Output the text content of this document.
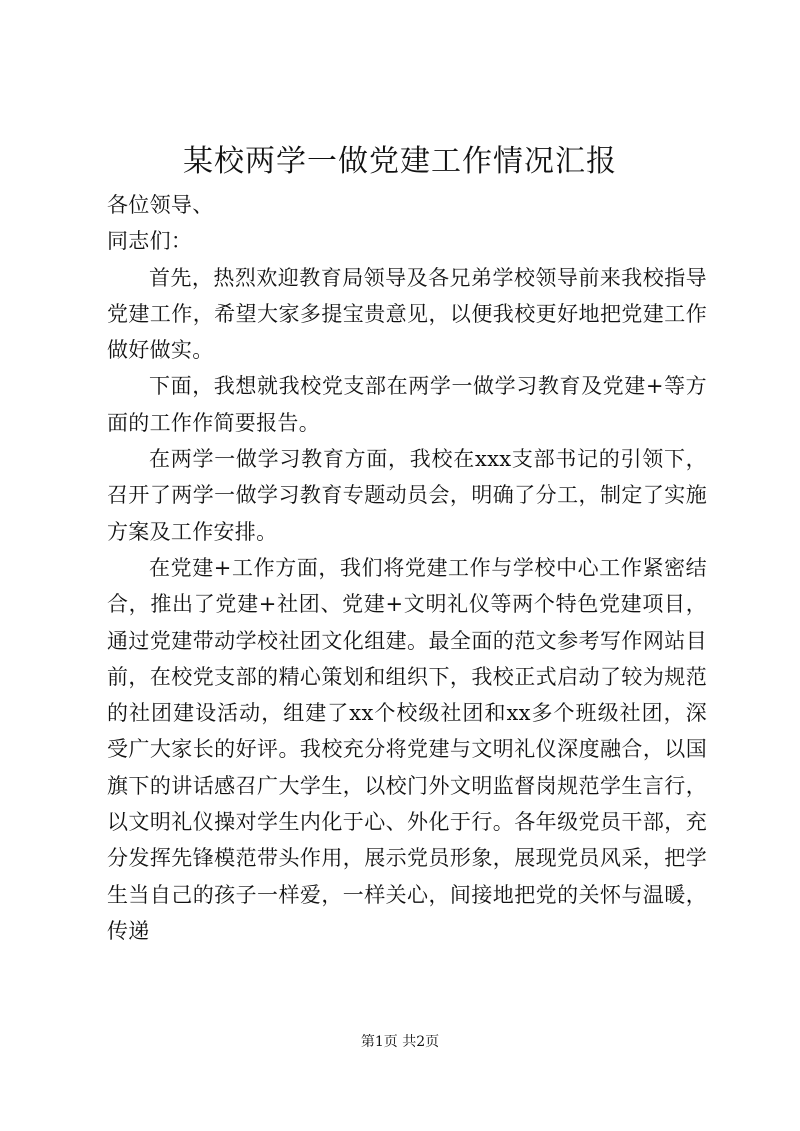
某校两学一做党建工作情况汇报

各位领导、

同志们：

首先，热烈欢迎教育局领导及各兄弟学校领导前来我校指导党建工作，希望大家多提宝贵意见，以便我校更好地把党建工作做好做实。

下面，我想就我校党支部在两学一做学习教育及党建+等方面的工作作简要报告。

在两学一做学习教育方面，我校在xxx支部书记的引领下，召开了两学一做学习教育专题动员会，明确了分工，制定了实施方案及工作安排。

在党建+工作方面，我们将党建工作与学校中心工作紧密结合，推出了党建+社团、党建+文明礼仪等两个特色党建项目，通过党建带动学校社团文化组建。最全面的范文参考写作网站目前，在校党支部的精心策划和组织下，我校正式启动了较为规范的社团建设活动，组建了xx个校级社团和xx多个班级社团，深受广大家长的好评。我校充分将党建与文明礼仪深度融合，以国旗下的讲话感召广大学生，以校门外文明监督岗规范学生言行，以文明礼仪操对学生内化于心、外化于行。各年级党员干部，充分发挥先锋模范带头作用，展示党员形象，展现党员风采，把学生当自己的孩子一样爱，一样关心，间接地把党的关怀与温暖，传递

第1页 共2页
